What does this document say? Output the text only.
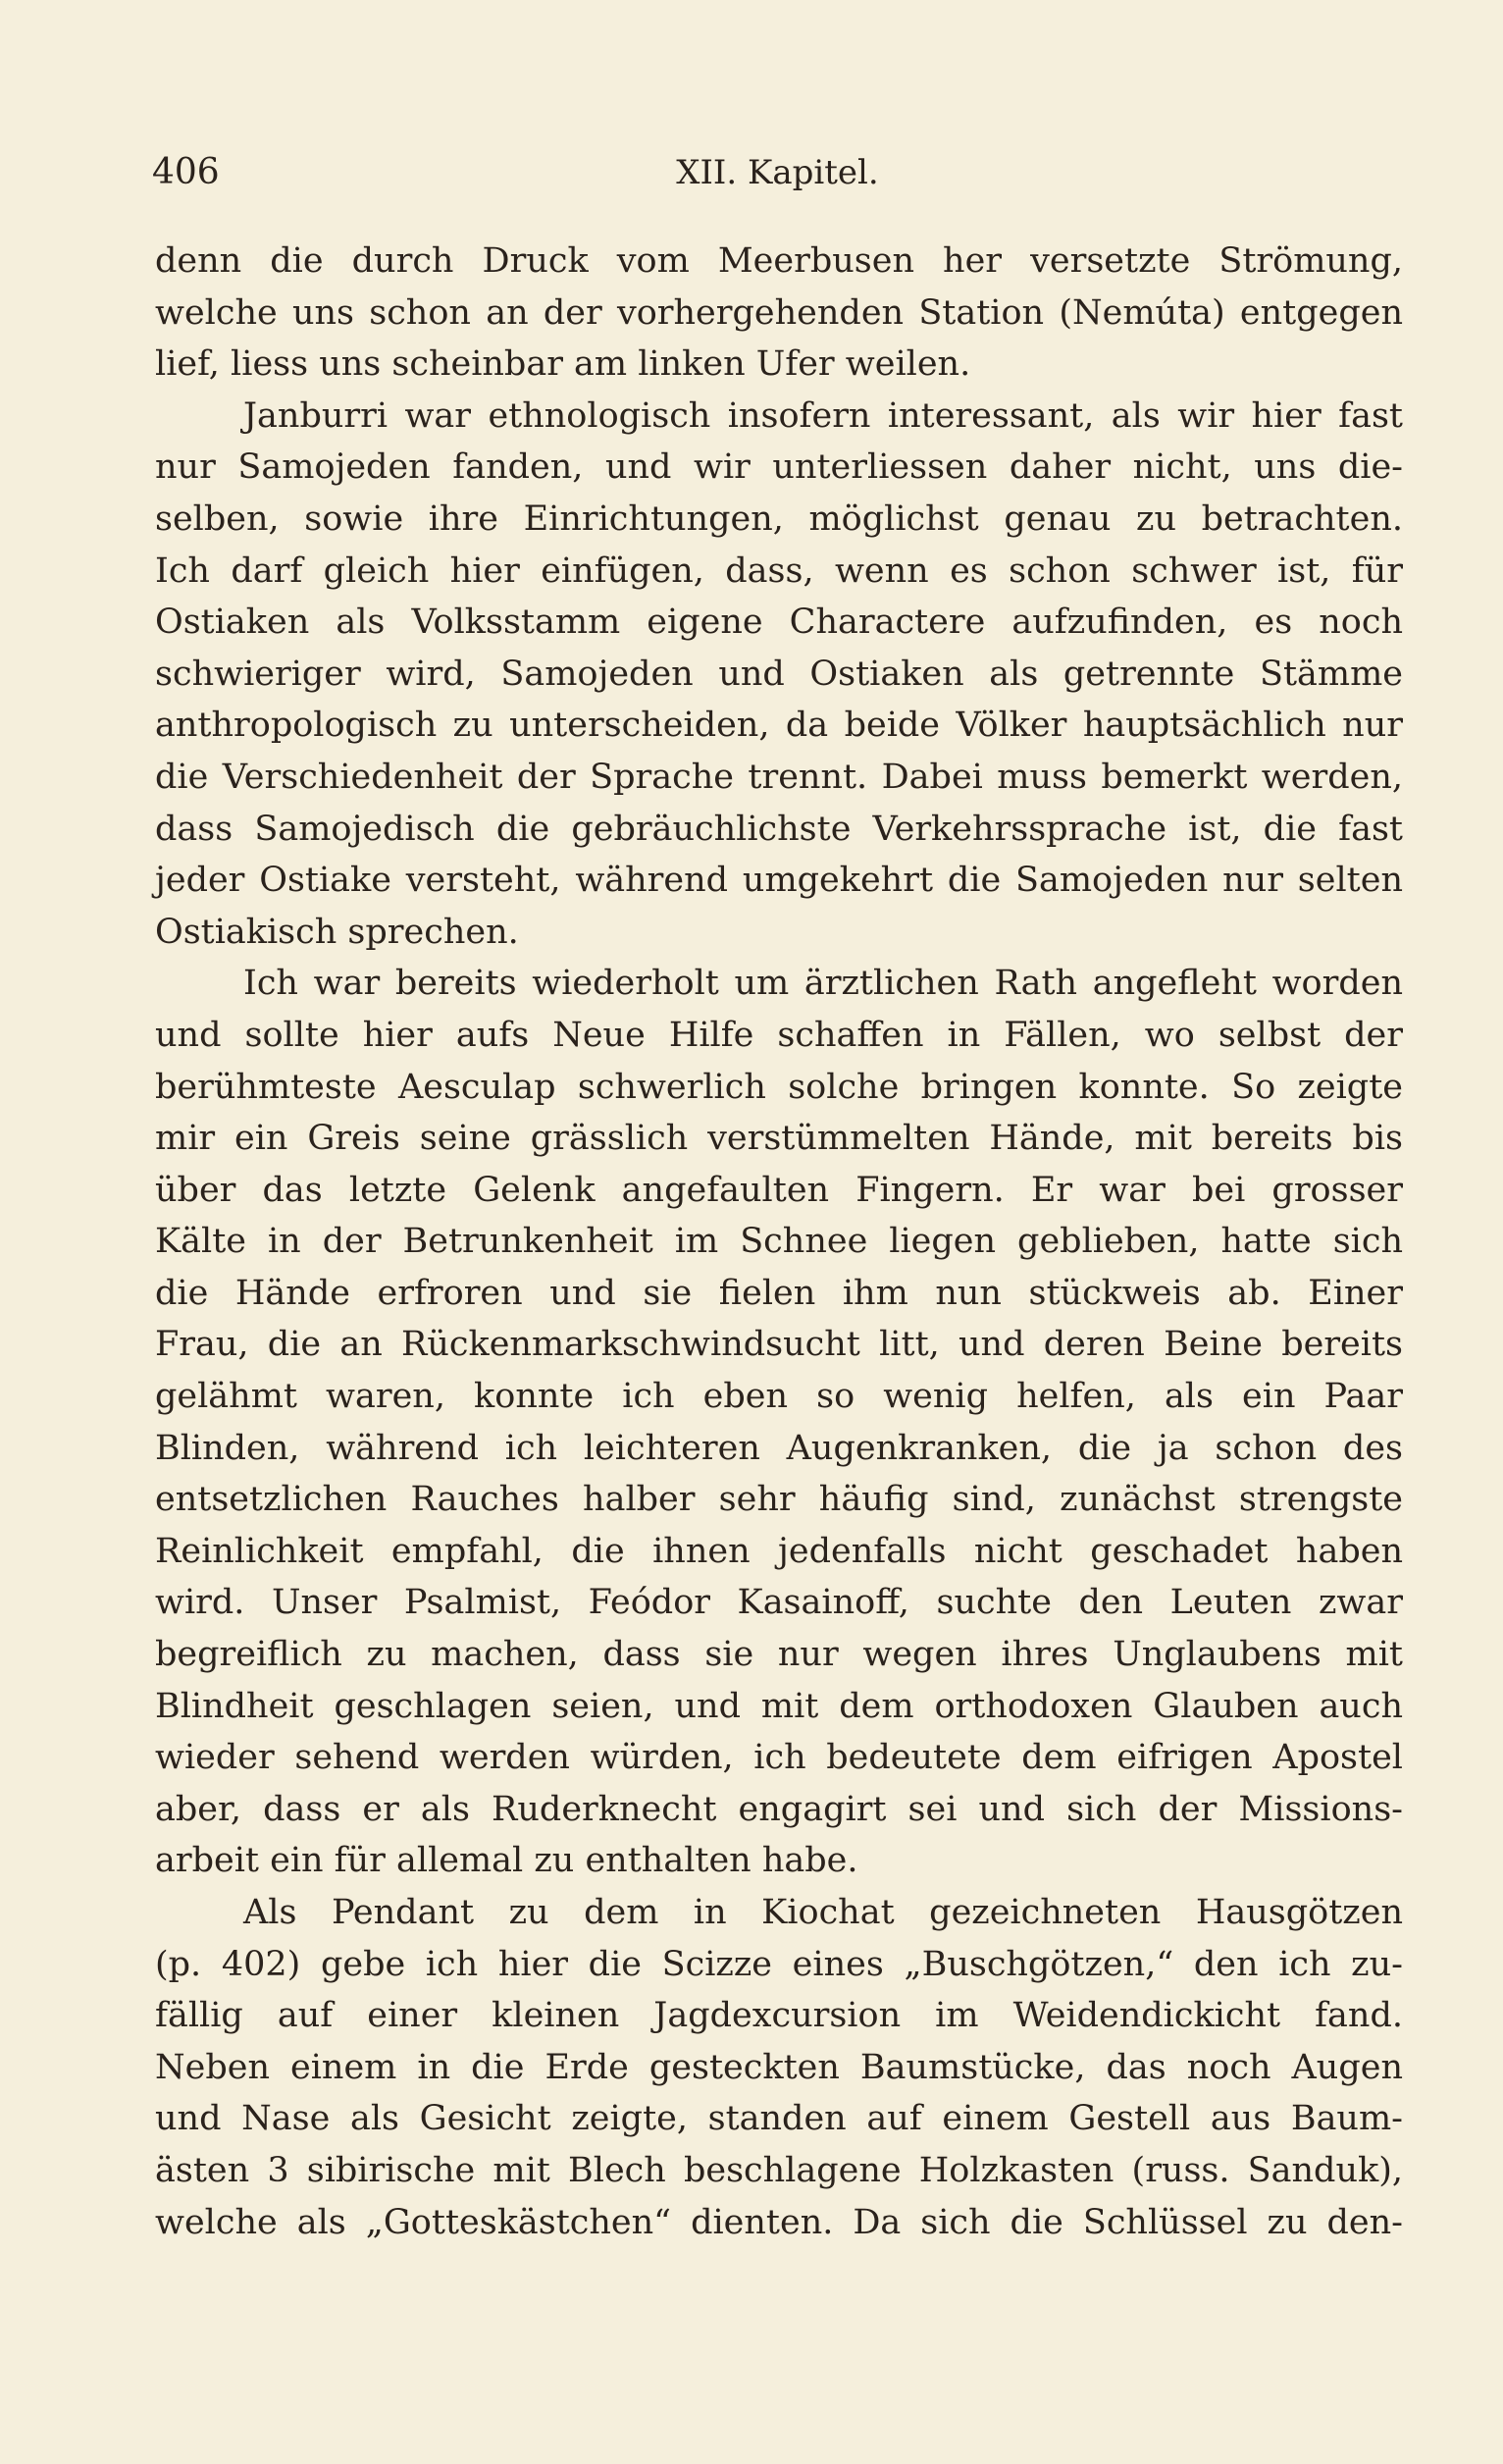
406	XII. Kapitel.
denn die durch Druck vom Meerbusen her versetzte Strömung,
welche uns schon an der vorhergehenden Station (Nemúta) entgegen
lief, liess uns scheinbar am linken Ufer weilen.
Janburri war ethnologisch insofern interessant, als wir hier fast
nur Samojeden fanden, und wir unterliessen daher nicht, uns die-
selben, sowie ihre Einrichtungen, möglichst genau zu betrachten.
Ich darf gleich hier einfügen, dass, wenn es schon schwer ist, für
Ostiaken als Volksstamm eigene Charactere aufzufinden, es noch
schwieriger wird, Samojeden und Ostiaken als getrennte Stämme
anthropologisch zu unterscheiden, da beide Völker hauptsächlich nur
die Verschiedenheit der Sprache trennt. Dabei muss bemerkt werden,
dass Samojedisch die gebräuchlichste Verkehrssprache ist, die fast
jeder Ostiake versteht, während umgekehrt die Samojeden nur selten
Ostiakisch sprechen.
Ich war bereits wiederholt um ärztlichen Rath angefleht worden
und sollte hier aufs Neue Hilfe schaffen in Fällen, wo selbst der
berühmteste Aesculap schwerlich solche bringen konnte. So zeigte
mir ein Greis seine grässlich verstümmelten Hände, mit bereits bis
über das letzte Gelenk angefaulten Fingern. Er war bei grosser
Kälte in der Betrunkenheit im Schnee liegen geblieben, hatte sich
die Hände erfroren und sie fielen ihm nun stückweis ab. Einer
Frau, die an Rückenmarkschwindsucht litt, und deren Beine bereits
gelähmt waren, konnte ich eben so wenig helfen, als ein Paar
Blinden, während ich leichteren Augenkranken, die ja schon des
entsetzlichen Rauches halber sehr häufig sind, zunächst strengste
Reinlichkeit empfahl, die ihnen jedenfalls nicht geschadet haben
wird. Unser Psalmist, Feódor Kasainoff, suchte den Leuten zwar
begreiflich zu machen, dass sie nur wegen ihres Unglaubens mit
Blindheit geschlagen seien, und mit dem orthodoxen Glauben auch
wieder sehend werden würden, ich bedeutete dem eifrigen Apostel
aber, dass er als Ruderknecht engagirt sei und sich der Missions-
arbeit ein für allemal zu enthalten habe.
Als Pendant zu dem in Kiochat gezeichneten Hausgötzen
(p. 402) gebe ich hier die Scizze eines „Buschgötzen,“ den ich zu-
fällig auf einer kleinen Jagdexcursion im Weidendickicht fand.
Neben einem in die Erde gesteckten Baumstücke, das noch Augen
und Nase als Gesicht zeigte, standen auf einem Gestell aus Baum-
ästen 3 sibirische mit Blech beschlagene Holzkasten (russ. Sanduk),
welche als „Gotteskästchen“ dienten. Da sich die Schlüssel zu den-
